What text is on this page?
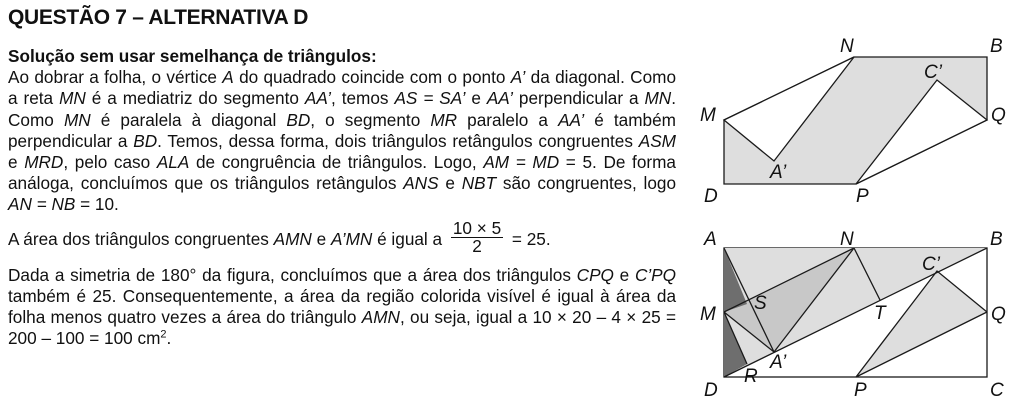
QUESTÃO 7 – ALTERNATIVA D

Solução sem usar semelhança de triângulos:

Ao dobrar a folha, o vértice A do quadrado coincide com o ponto A’ da diagonal. Como a reta MN é a mediatriz do segmento AA’, temos AS = SA’ e AA’ perpendicular a MN. Como MN é paralela à diagonal BD, o segmento MR paralelo a AA’ é também perpendicular a BD. Temos, dessa forma, dois triângulos retângulos congruentes ASM e MRD, pelo caso ALA de congruência de triângulos. Logo, AM = MD = 5. De forma análoga, concluímos que os triângulos retângulos ANS e NBT são congruentes, logo AN = NB = 10.

A área dos triângulos congruentes AMN e A’MN é igual a $\frac{10 \times 5}{2} = 25$.

Dada a simetria de 180° da figura, concluímos que a área dos triângulos CPQ e C’PQ também é 25. Consequentemente, a área da região colorida visível é igual à área da folha menos quatro vezes a área do triângulo AMN, ou seja, igual a 10 × 20 – 4 × 25 = 200 – 100 = 100 $cm^2$.

N	B
C’
M	Q
A’
D	P
A	N	B
C’
M
S	T	Q
A’
R
D	P	C
